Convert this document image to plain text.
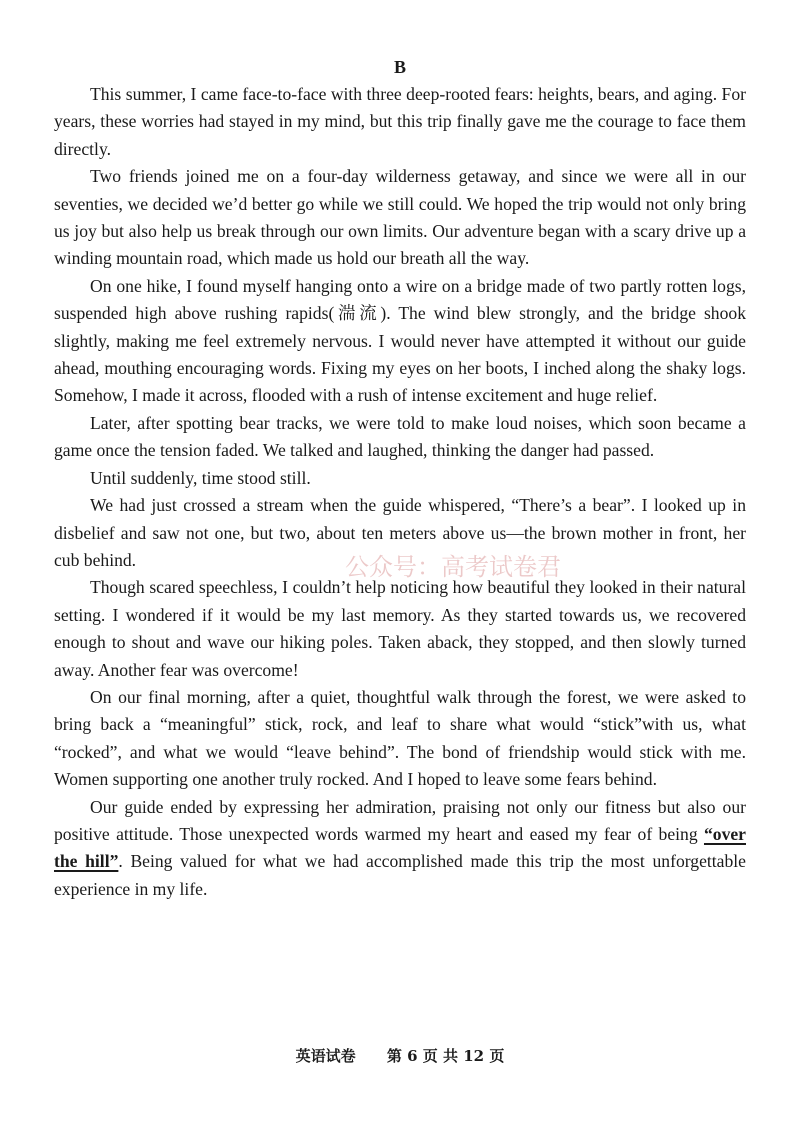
B

This summer, I came face-to-face with three deep-rooted fears: heights, bears, and aging. For years, these worries had stayed in my mind, but this trip finally gave me the courage to face them directly.

Two friends joined me on a four-day wilderness getaway, and since we were all in our seventies, we decided we’d better go while we still could. We hoped the trip would not only bring us joy but also help us break through our own limits. Our adventure began with a scary drive up a winding mountain road, which made us hold our breath all the way.

On one hike, I found myself hanging onto a wire on a bridge made of two partly rotten logs, suspended high above rushing rapids(湍流). The wind blew strongly, and the bridge shook slightly, making me feel extremely nervous. I would never have attempted it without our guide ahead, mouthing encouraging words. Fixing my eyes on her boots, I inched along the shaky logs. Somehow, I made it across, flooded with a rush of intense excitement and huge relief.

Later, after spotting bear tracks, we were told to make loud noises, which soon became a game once the tension faded. We talked and laughed, thinking the danger had passed.

Until suddenly, time stood still.

We had just crossed a stream when the guide whispered, “There’s a bear”. I looked up in disbelief and saw not one, but two, about ten meters above us—the brown mother in front, her cub behind.

Though scared speechless, I couldn’t help noticing how beautiful they looked in their natural setting. I wondered if it would be my last memory. As they started towards us, we recovered enough to shout and wave our hiking poles. Taken aback, they stopped, and then slowly turned away. Another fear was overcome!

On our final morning, after a quiet, thoughtful walk through the forest, we were asked to bring back a “meaningful” stick, rock, and leaf to share what would “stick”with us, what “rocked”, and what we would “leave behind”. The bond of friendship would stick with me. Women supporting one another truly rocked. And I hoped to leave some fears behind.

Our guide ended by expressing her admiration, praising not only our fitness but also our positive attitude. Those unexpected words warmed my heart and eased my fear of being “over the hill”. Being valued for what we had accomplished made this trip the most unforgettable experience in my life.

公众号：高考试卷君
英语试卷 第 6 页 共 12 页
